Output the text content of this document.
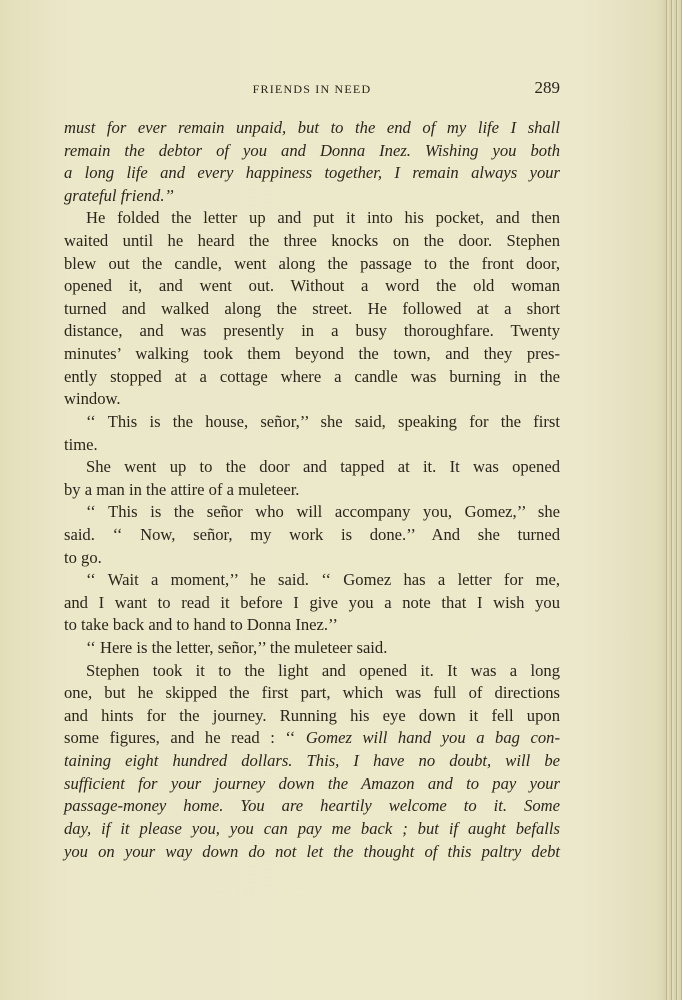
FRIENDS IN NEED	289
must for ever remain unpaid, but to the end of my life I shall
remain the debtor of you and Donna Inez. Wishing you both
a long life and every happiness together, I remain always your
grateful friend.’’
He folded the letter up and put it into his pocket, and then
waited until he heard the three knocks on the door. Stephen
blew out the candle, went along the passage to the front door,
opened it, and went out. Without a word the old woman
turned and walked along the street. He followed at a short
distance, and was presently in a busy thoroughfare. Twenty
minutes’ walking took them beyond the town, and they pres-
ently stopped at a cottage where a candle was burning in the
window.
‘‘ This is the house, señor,’’ she said, speaking for the first
time.
She went up to the door and tapped at it. It was opened
by a man in the attire of a muleteer.
‘‘ This is the señor who will accompany you, Gomez,’’ she
said. ‘‘ Now, señor, my work is done.’’ And she turned
to go.
‘‘ Wait a moment,’’ he said. ‘‘ Gomez has a letter for me,
and I want to read it before I give you a note that I wish you
to take back and to hand to Donna Inez.’’
‘‘ Here is the letter, señor,’’ the muleteer said.
Stephen took it to the light and opened it. It was a long
one, but he skipped the first part, which was full of directions
and hints for the journey. Running his eye down it fell upon
some figures, and he read : ‘‘ Gomez will hand you a bag con-
taining eight hundred dollars. This, I have no doubt, will be
sufficient for your journey down the Amazon and to pay your
passage-money home. You are heartily welcome to it. Some
day, if it please you, you can pay me back ; but if aught befalls
you on your way down do not let the thought of this paltry debt
